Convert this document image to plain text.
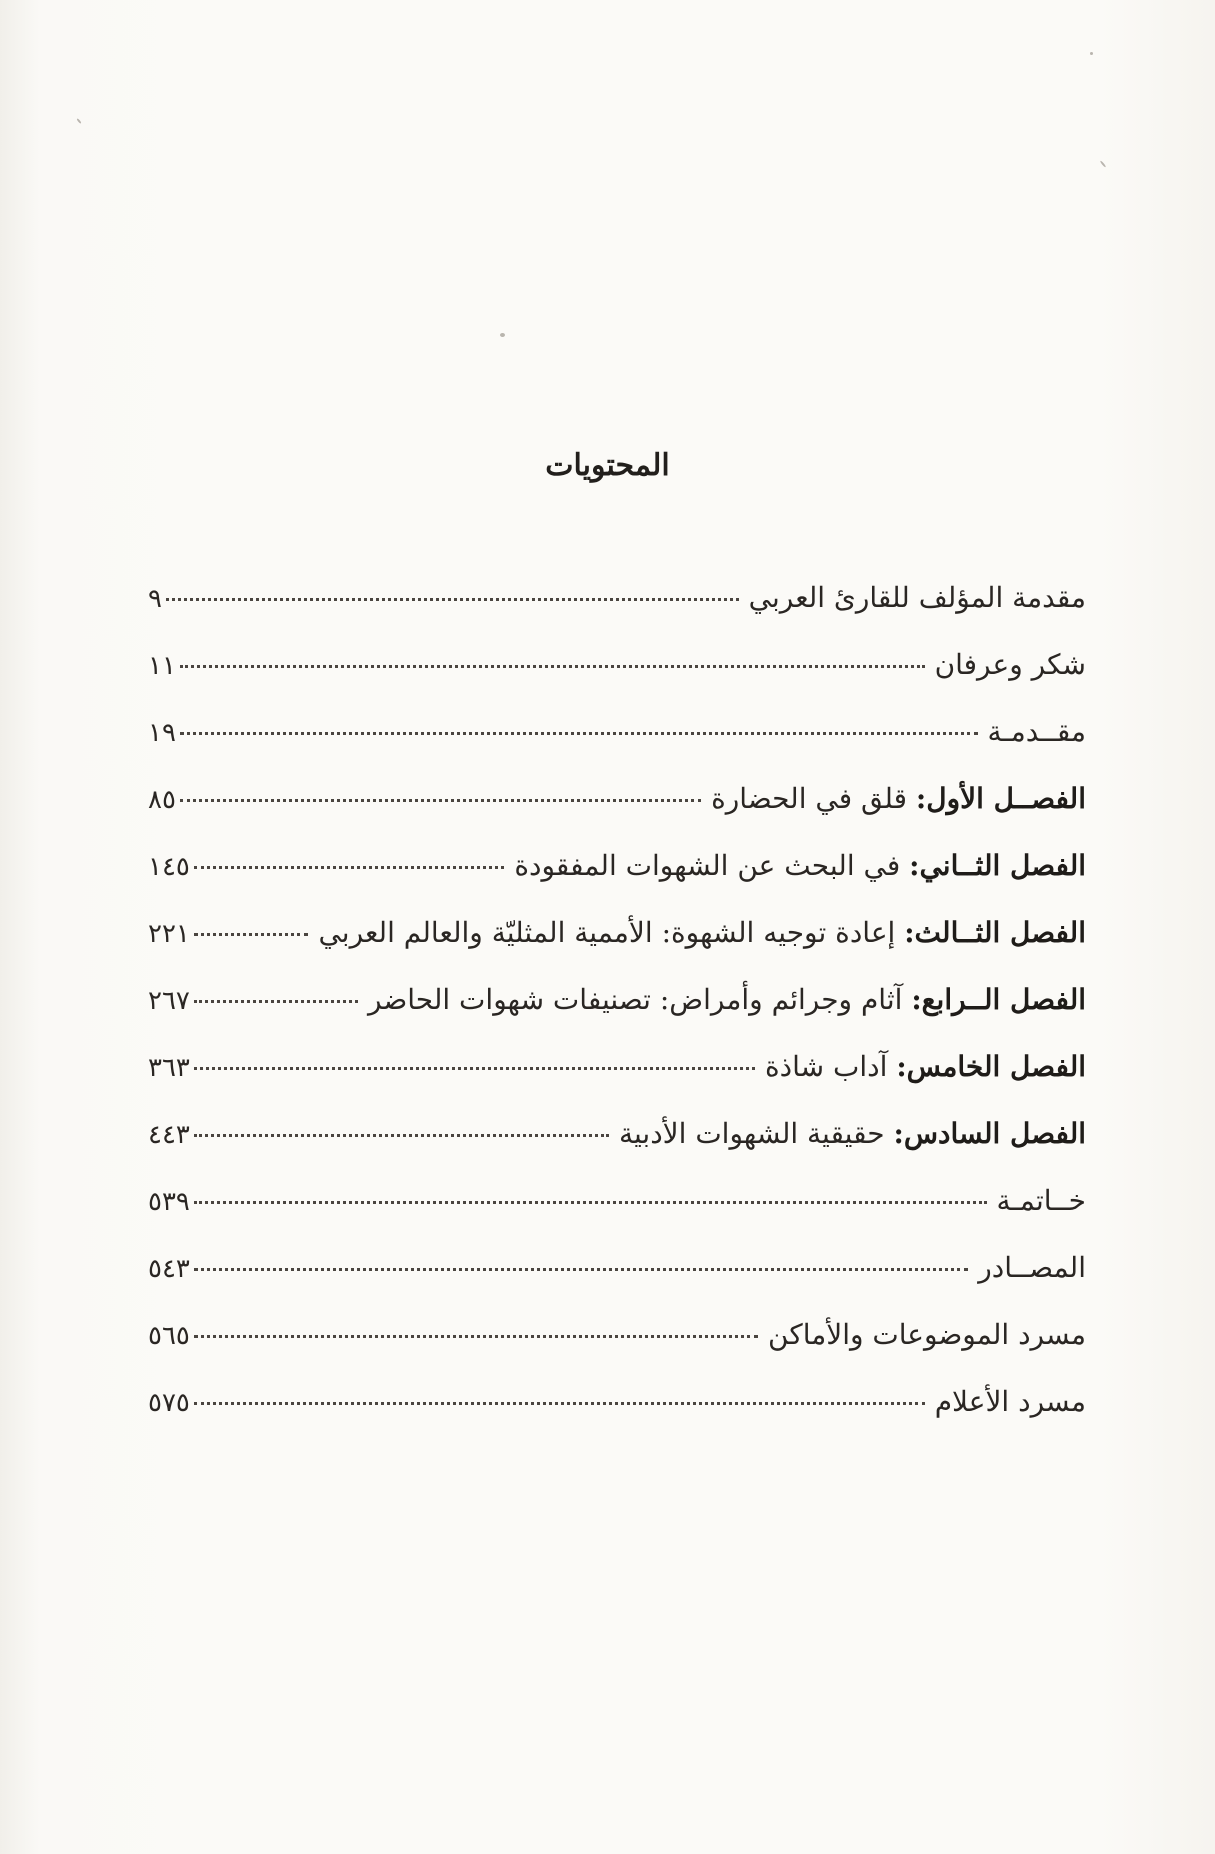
المحتويات
مقدمة المؤلف للقارئ العربي
٩
شكر وعرفان
١١
مقــدمـة
١٩
الفصــل الأول: قلق في الحضارة
٨٥
الفصل الثــاني: في البحث عن الشهوات المفقودة
١٤٥
الفصل الثــالث: إعادة توجيه الشهوة: الأممية المثليّة والعالم العربي
٢٢١
الفصل الــرابع: آثام وجرائم وأمراض: تصنيفات شهوات الحاضر
٢٦٧
الفصل الخامس: آداب شاذة
٣٦٣
الفصل السادس: حقيقية الشهوات الأدبية
٤٤٣
خــاتمـة
٥٣٩
المصــادر
٥٤٣
مسرد الموضوعات والأماكن
٥٦٥
مسرد الأعلام
٥٧٥
